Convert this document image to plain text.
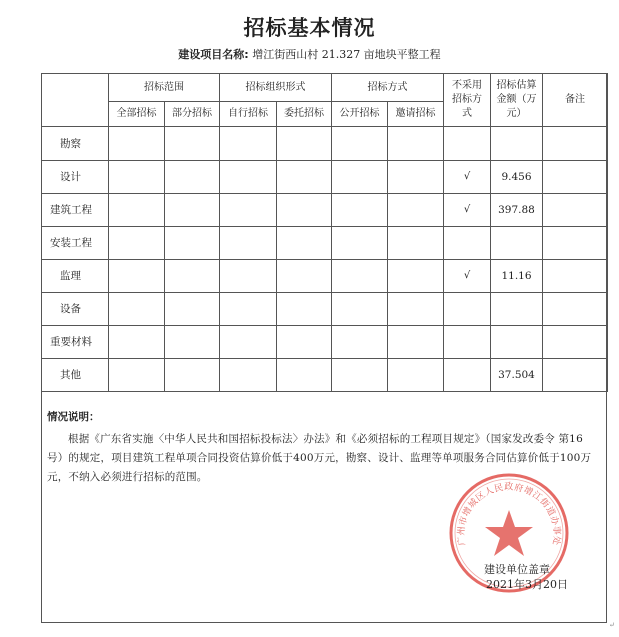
招标基本情况
建设项目名称: 增江街西山村 21.327 亩地块平整工程
	招标范围		招标组织形式		招标方式		不采用招标方式	招标估算金额（万元）	备注
	全部招标	部分招标	自行招标	委托招标	公开招标	邀请招标			
勘察									
设计							√	9.456	
建筑工程							√	397.88	
安装工程									
监理							√	11.16	
设备									
重要材料									
其他								37.504	
情况说明：
根据《广东省实施〈中华人民共和国招标投标法〉办法》和《必须招标的工程项目规定》（国家发改委令 第16号）的规定，项目建筑工程单项合同投资估算价低于400万元，勘察、设计、监理等单项服务合同估算价低于100万元，不纳入必须进行招标的范围。
广州市增城区人民政府增江街道办事处
建设单位盖章
2021年3月20日
↵
